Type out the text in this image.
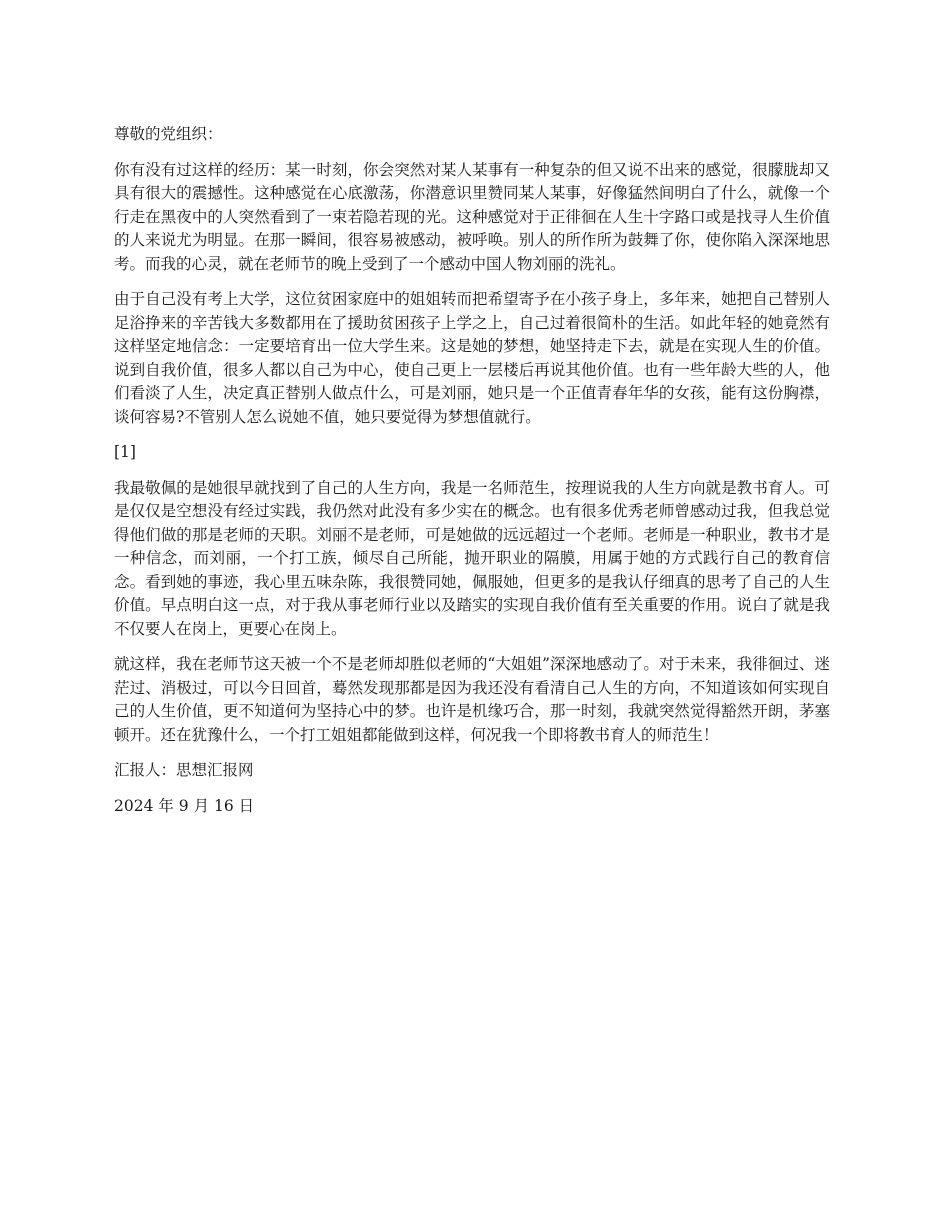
尊敬的党组织：

你有没有过这样的经历：某一时刻，你会突然对某人某事有一种复杂的但又说不出来的感觉，很朦胧却又具有很大的震撼性。这种感觉在心底激荡，你潜意识里赞同某人某事，好像猛然间明白了什么，就像一个行走在黑夜中的人突然看到了一束若隐若现的光。这种感觉对于正徘徊在人生十字路口或是找寻人生价值的人来说尤为明显。在那一瞬间，很容易被感动，被呼唤。别人的所作所为鼓舞了你，使你陷入深深地思考。而我的心灵，就在老师节的晚上受到了一个感动中国人物刘丽的洗礼。

由于自己没有考上大学，这位贫困家庭中的姐姐转而把希望寄予在小孩子身上，多年来，她把自己替别人足浴挣来的辛苦钱大多数都用在了援助贫困孩子上学之上，自己过着很简朴的生活。如此年轻的她竟然有这样坚定地信念：一定要培育出一位大学生来。这是她的梦想，她坚持走下去，就是在实现人生的价值。说到自我价值，很多人都以自己为中心，使自己更上一层楼后再说其他价值。也有一些年龄大些的人，他们看淡了人生，决定真正替别人做点什么，可是刘丽，她只是一个正值青春年华的女孩，能有这份胸襟，谈何容易?不管别人怎么说她不值，她只要觉得为梦想值就行。

[1]

我最敬佩的是她很早就找到了自己的人生方向，我是一名师范生，按理说我的人生方向就是教书育人。可是仅仅是空想没有经过实践，我仍然对此没有多少实在的概念。也有很多优秀老师曾感动过我，但我总觉得他们做的那是老师的天职。刘丽不是老师，可是她做的远远超过一个老师。老师是一种职业，教书才是一种信念，而刘丽，一个打工族，倾尽自己所能，抛开职业的隔膜，用属于她的方式践行自己的教育信念。看到她的事迹，我心里五味杂陈，我很赞同她，佩服她，但更多的是我认仔细真的思考了自己的人生价值。早点明白这一点，对于我从事老师行业以及踏实的实现自我价值有至关重要的作用。说白了就是我不仅要人在岗上，更要心在岗上。

就这样，我在老师节这天被一个不是老师却胜似老师的“大姐姐”深深地感动了。对于未来，我徘徊过、迷茫过、消极过，可以今日回首，蓦然发现那都是因为我还没有看清自己人生的方向，不知道该如何实现自己的人生价值，更不知道何为坚持心中的梦。也许是机缘巧合，那一时刻，我就突然觉得豁然开朗，茅塞顿开。还在犹豫什么，一个打工姐姐都能做到这样，何况我一个即将教书育人的师范生！

汇报人：思想汇报网

2024 年 9 月 16 日
